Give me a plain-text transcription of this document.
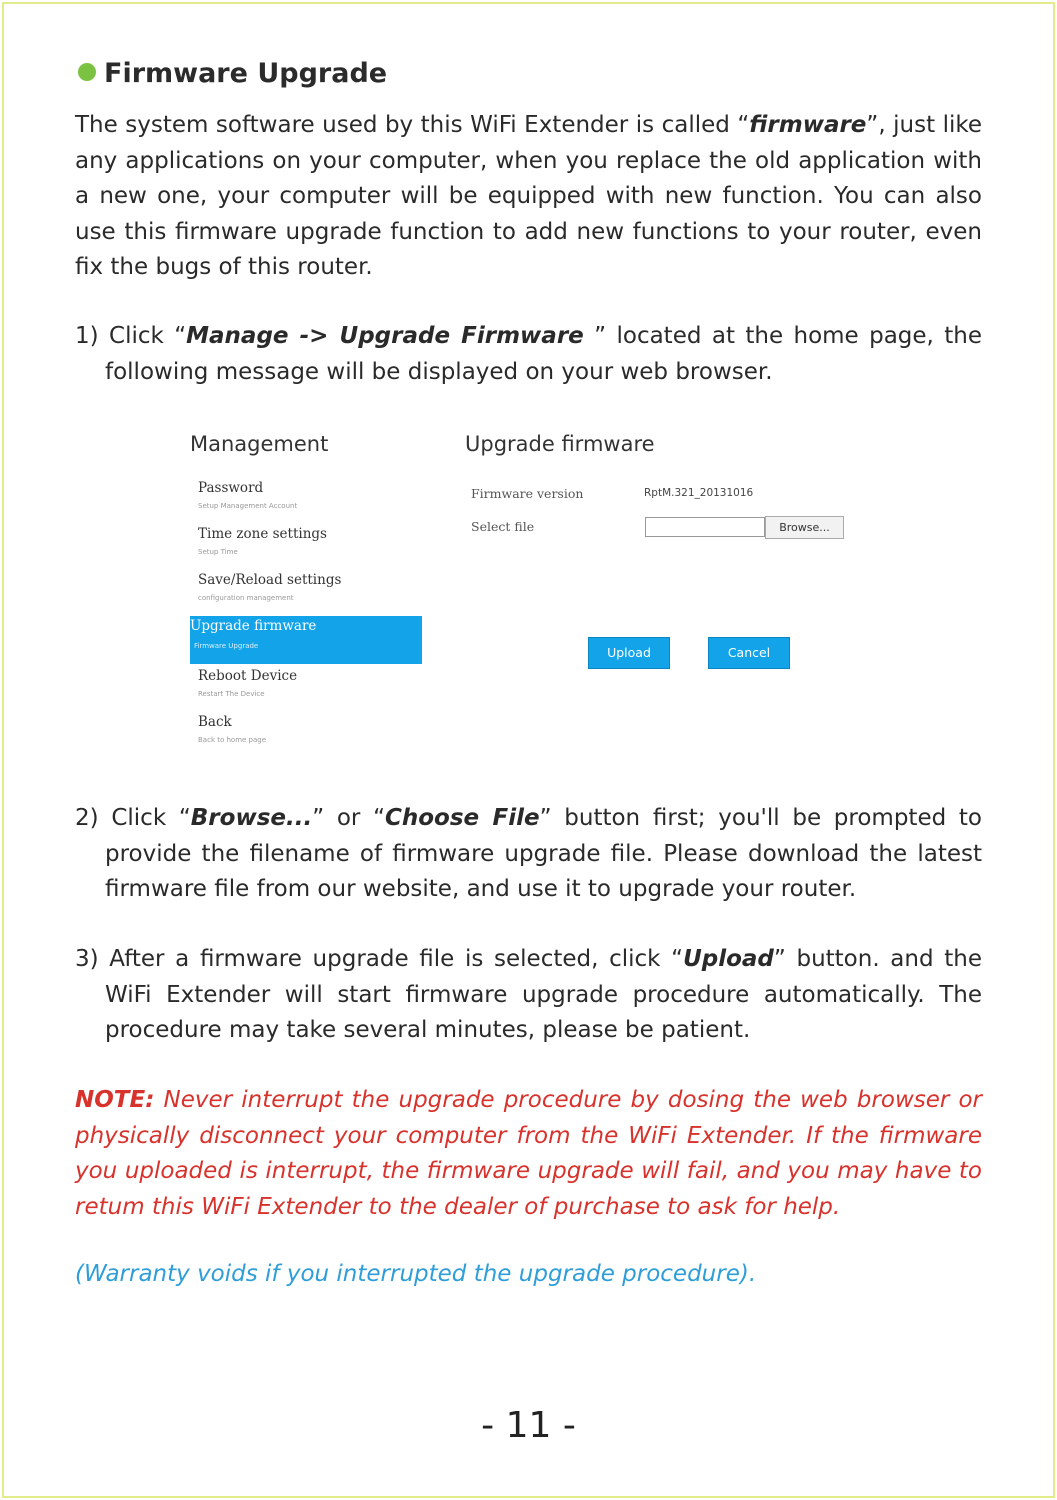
Firmware Upgrade
The system software used by this WiFi Extender is called “firmware”, just like any applications on your computer, when you replace the old application with a new one, your computer will be equipped with new function. You can also use this firmware upgrade function to add new functions to your router, even fix the bugs of this router.
1) Click “Manage -> Upgrade Firmware ” located at the home page, the following message will be displayed on your web browser.
Management	Upgrade firmware
Password
Setup Management Account
Time zone settings
Setup Time
Save/Reload settings
configuration management
Upgrade firmware
Firmware Upgrade
Reboot Device
Restart The Device
Back
Back to home page
Firmware version	RptM.321_20131016
Select file	Browse...
Upload	Cancel
2) Click “Browse...” or “Choose File” button first; you'll be prompted to provide the filename of firmware upgrade file. Please download the latest firmware file from our website, and use it to upgrade your router.
3) After a firmware upgrade file is selected, click “Upload” button. and the WiFi Extender will start firmware upgrade procedure automatically. The procedure may take several minutes, please be patient.
NOTE: Never interrupt the upgrade procedure by dosing the web browser or physically disconnect your computer from the WiFi Extender. If the firmware you uploaded is interrupt, the firmware upgrade will fail, and you may have to retum this WiFi Extender to the dealer of purchase to ask for help.
(Warranty voids if you interrupted the upgrade procedure).
- 11 -
